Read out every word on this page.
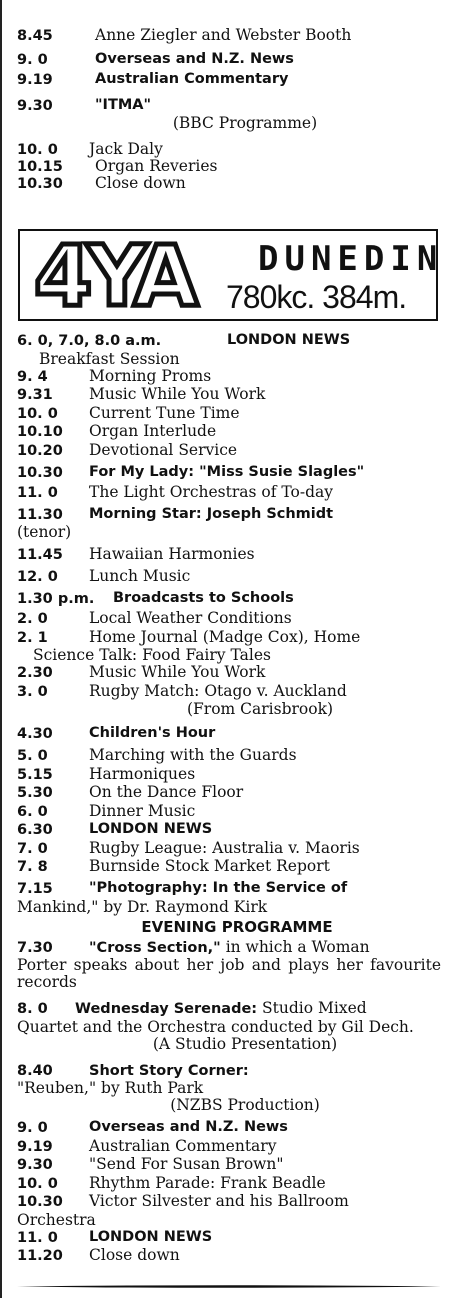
8.45	Anne Ziegler and Webster Booth
9. 0	Overseas and N.Z. News
9.19	Australian Commentary
9.30	"ITMA"
(BBC Programme)
10. 0 Jack Daly
10.15 Organ Reveries
10.30 Close down
4YA DUNEDIN
780kc. 384m.
6. 0, 7.0, 8.0 a.m.	LONDON NEWS
Breakfast Session
9. 4	Morning Proms
9.31 Music While You Work
10. 0 Current Tune Time
10.10 Organ Interlude
10.20 Devotional Service
10.30 For My Lady: "Miss Susie Slagles"
11. 0 The Light Orchestras of To-day
11.30 Morning Star: Joseph Schmidt
(tenor)
11.45 Hawaiian Harmonies
12. 0 Lunch Music
1.30 p.m. Broadcasts to Schools
2. 0	Local Weather Conditions
2. 1	Home Journal (Madge Cox), Home
Science Talk: Food Fairy Tales
2.30 Music While You Work
3. 0	Rugby Match: Otago v. Auckland
(From Carisbrook)
4.30 Children's Hour
5. 0	Marching with the Guards
5.15 Harmoniques
5.30 On the Dance Floor
6. 0	Dinner Music
6.30 LONDON NEWS
7. 0	Rugby League: Australia v. Maoris
7. 8	Burnside Stock Market Report
7.15 "Photography: In the Service of
Mankind," by Dr. Raymond Kirk
EVENING PROGRAMME
7.30 "Cross Section," in which a Woman
Porter speaks about her job and plays her favourite records
8. 0 Wednesday Serenade: Studio Mixed
Quartet and the Orchestra conducted by Gil Dech.
(A Studio Presentation)
8.40 Short Story Corner:
"Reuben," by Ruth Park
(NZBS Production)
9. 0	Overseas and N.Z. News
9.19 Australian Commentary
9.30 "Send For Susan Brown"
10. 0 Rhythm Parade: Frank Beadle
10.30 Victor Silvester and his Ballroom
Orchestra
11. 0 LONDON NEWS
11.20 Close down
